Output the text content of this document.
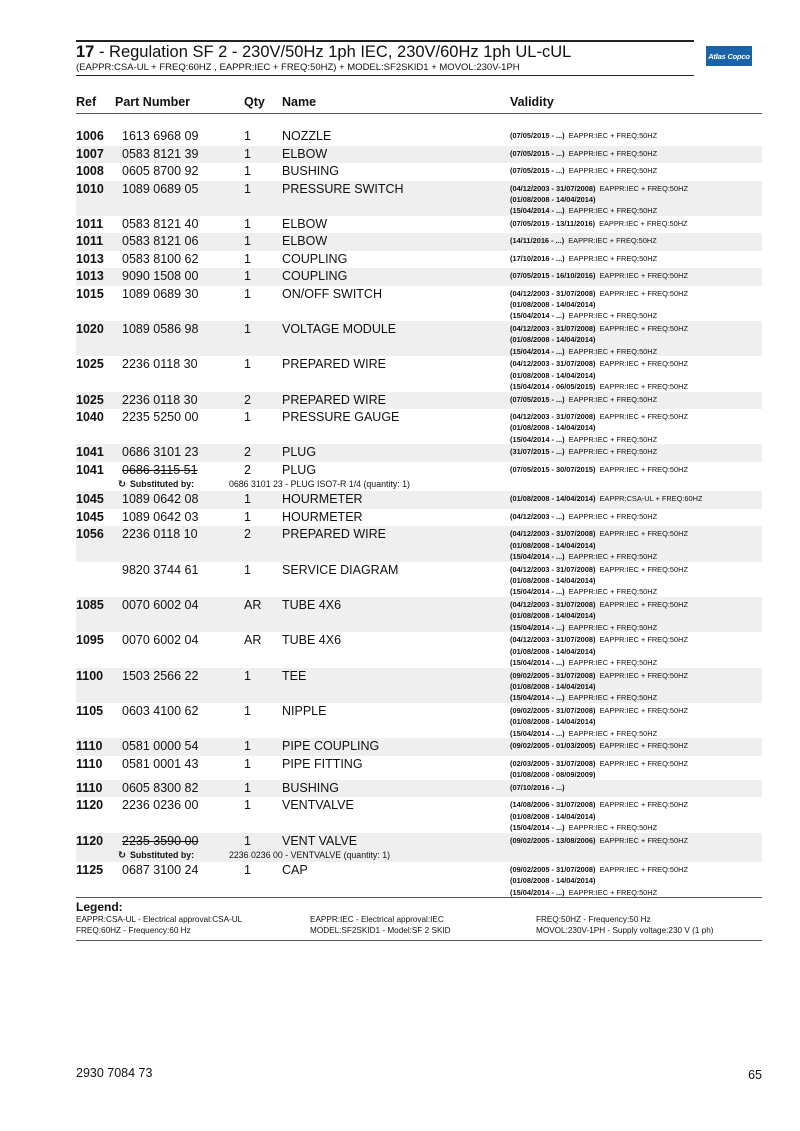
17 - Regulation SF 2 - 230V/50Hz 1ph IEC, 230V/60Hz 1ph UL-cUL
(EAPPR:CSA-UL + FREQ:60HZ , EAPPR:IEC + FREQ:50HZ) + MODEL:SF2SKID1 + MOVOL:230V-1PH
Atlas Copco
Ref Part Number	Qty Name	Validity
1006 1613 6968 09	1 NOZZLE	(07/05/2015 - ...) EAPPR:IEC + FREQ:50HZ
1007 0583 8121 39	1 ELBOW	(07/05/2015 - ...) EAPPR:IEC + FREQ:50HZ
1008 0605 8700 92	1 BUSHING	(07/05/2015 - ...) EAPPR:IEC + FREQ:50HZ
1010 1089 0689 05	1 PRESSURE SWITCH	(04/12/2003 - 31/07/2008) EAPPR:IEC + FREQ:50HZ
(01/08/2008 - 14/04/2014)
(15/04/2014 - ...) EAPPR:IEC + FREQ:50HZ
1011 0583 8121 40	1 ELBOW	(07/05/2015 - 13/11/2016) EAPPR:IEC + FREQ:50HZ
1011 0583 8121 06	1 ELBOW	(14/11/2016 - ...) EAPPR:IEC + FREQ:50HZ
1013 0583 8100 62	1 COUPLING	(17/10/2016 - ...) EAPPR:IEC + FREQ:50HZ
1013 9090 1508 00	1 COUPLING	(07/05/2015 - 16/10/2016) EAPPR:IEC + FREQ:50HZ
1015 1089 0689 30	1 ON/OFF SWITCH	(04/12/2003 - 31/07/2008) EAPPR:IEC + FREQ:50HZ
(01/08/2008 - 14/04/2014)
(15/04/2014 - ...) EAPPR:IEC + FREQ:50HZ
1020 1089 0586 98	1 VOLTAGE MODULE	(04/12/2003 - 31/07/2008) EAPPR:IEC + FREQ:50HZ
(01/08/2008 - 14/04/2014)
(15/04/2014 - ...) EAPPR:IEC + FREQ:50HZ
1025 2236 0118 30	1 PREPARED WIRE	(04/12/2003 - 31/07/2008) EAPPR:IEC + FREQ:50HZ
(01/08/2008 - 14/04/2014)
(15/04/2014 - 06/05/2015) EAPPR:IEC + FREQ:50HZ
1025 2236 0118 30	2 PREPARED WIRE	(07/05/2015 - ...) EAPPR:IEC + FREQ:50HZ
1040 2235 5250 00	1 PRESSURE GAUGE	(04/12/2003 - 31/07/2008) EAPPR:IEC + FREQ:50HZ
(01/08/2008 - 14/04/2014)
(15/04/2014 - ...) EAPPR:IEC + FREQ:50HZ
1041 0686 3101 23	2 PLUG	(31/07/2015 - ...) EAPPR:IEC + FREQ:50HZ
1041 0686 3115 51	2 PLUG	(07/05/2015 - 30/07/2015) EAPPR:IEC + FREQ:50HZ
↻ Substituted by:	0686 3101 23 - PLUG ISO7-R 1/4 (quantity: 1)
1045 1089 0642 08	1 HOURMETER	(01/08/2008 - 14/04/2014) EAPPR:CSA-UL + FREQ:60HZ
1045 1089 0642 03	1 HOURMETER	(04/12/2003 - ...) EAPPR:IEC + FREQ:50HZ
1056 2236 0118 10	2 PREPARED WIRE	(04/12/2003 - 31/07/2008) EAPPR:IEC + FREQ:50HZ
(01/08/2008 - 14/04/2014)
(15/04/2014 - ...) EAPPR:IEC + FREQ:50HZ
9820 3744 61	1 SERVICE DIAGRAM	(04/12/2003 - 31/07/2008) EAPPR:IEC + FREQ:50HZ
(01/08/2008 - 14/04/2014)
(15/04/2014 - ...) EAPPR:IEC + FREQ:50HZ
1085 0070 6002 04	AR TUBE 4X6	(04/12/2003 - 31/07/2008) EAPPR:IEC + FREQ:50HZ
(01/08/2008 - 14/04/2014)
(15/04/2014 - ...) EAPPR:IEC + FREQ:50HZ
1095 0070 6002 04	AR TUBE 4X6	(04/12/2003 - 31/07/2008) EAPPR:IEC + FREQ:50HZ
(01/08/2008 - 14/04/2014)
(15/04/2014 - ...) EAPPR:IEC + FREQ:50HZ
1100 1503 2566 22	1 TEE	(09/02/2005 - 31/07/2008) EAPPR:IEC + FREQ:50HZ
(01/08/2008 - 14/04/2014)
(15/04/2014 - ...) EAPPR:IEC + FREQ:50HZ
1105 0603 4100 62	1 NIPPLE	(09/02/2005 - 31/07/2008) EAPPR:IEC + FREQ:50HZ
(01/08/2008 - 14/04/2014)
(15/04/2014 - ...) EAPPR:IEC + FREQ:50HZ
1110 0581 0000 54	1 PIPE COUPLING	(09/02/2005 - 01/03/2005) EAPPR:IEC + FREQ:50HZ
1110 0581 0001 43	1 PIPE FITTING	(02/03/2005 - 31/07/2008) EAPPR:IEC + FREQ:50HZ
(01/08/2008 - 08/09/2009)
1110 0605 8300 82	1 BUSHING	(07/10/2016 - ...)
1120 2236 0236 00	1 VENTVALVE	(14/08/2006 - 31/07/2008) EAPPR:IEC + FREQ:50HZ
(01/08/2008 - 14/04/2014)
(15/04/2014 - ...) EAPPR:IEC + FREQ:50HZ
1120 2235 3590 00	1 VENT VALVE	(09/02/2005 - 13/08/2006) EAPPR:IEC + FREQ:50HZ
↻ Substituted by:	2236 0236 00 - VENTVALVE (quantity: 1)
1125 0687 3100 24	1 CAP	(09/02/2005 - 31/07/2008) EAPPR:IEC + FREQ:50HZ
(01/08/2008 - 14/04/2014)
(15/04/2014 - ...) EAPPR:IEC + FREQ:50HZ
Legend:
EAPPR:CSA-UL - Electrical approval:CSA-UL	EAPPR:IEC - Electrical approval:IEC	FREQ:50HZ - Frequency:50 Hz
FREQ:60HZ - Frequency:60 Hz	MODEL:SF2SKID1 - Model:SF 2 SKID	MOVOL:230V-1PH - Supply voltage:230 V (1 ph)
2930 7084 73	65
